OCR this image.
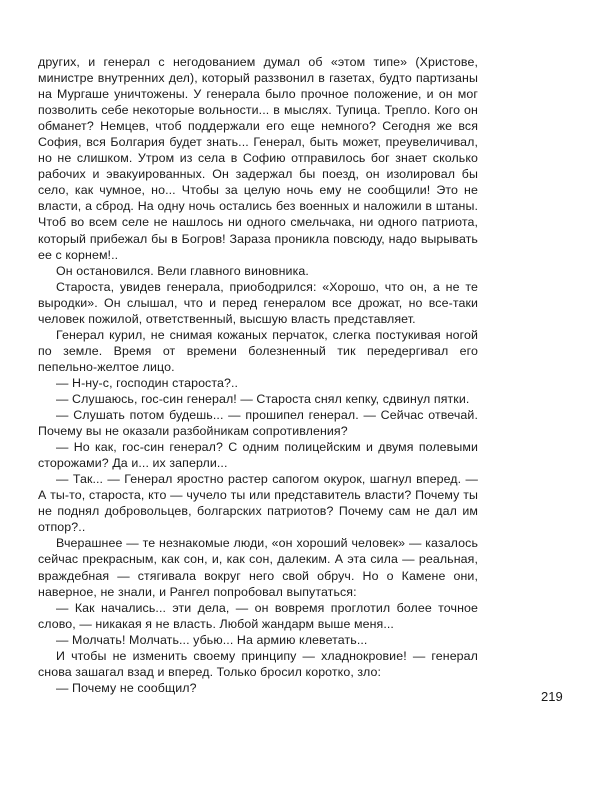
других, и генерал с негодованием думал об «этом типе» (Христове, министре внутренних дел), который раззвонил в газетах, будто партизаны на Мургаше уничтожены. У генерала было прочное положение, и он мог позволить себе некоторые вольности... в мыслях. Тупица. Трепло. Кого он обманет? Немцев, чтоб поддержали его еще немного? Сегодня же вся София, вся Болгария будет знать... Генерал, быть может, преувеличивал, но не слишком. Утром из села в Софию отправилось бог знает сколько рабочих и эвакуированных. Он задержал бы поезд, он изолировал бы село, как чумное, но... Чтобы за целую ночь ему не сообщили! Это не власти, а сброд. На одну ночь остались без военных и наложили в штаны. Чтоб во всем селе не нашлось ни одного смельчака, ни одного патриота, который прибежал бы в Богров! Зараза проникла повсюду, надо вырывать ее с корнем!..

Он остановился. Вели главного виновника.

Староста, увидев генерала, приободрился: «Хорошо, что он, а не те выродки». Он слышал, что и перед генералом все дрожат, но все-таки человек пожилой, ответственный, высшую власть представляет.

Генерал курил, не снимая кожаных перчаток, слегка постукивая ногой по земле. Время от времени болезненный тик передергивал его пепельно-желтое лицо.

— Н-ну-с, господин староста?..

— Слушаюсь, гос-син генерал! — Староста снял кепку, сдвинул пятки.

— Слушать потом будешь... — прошипел генерал. — Сейчас отвечай. Почему вы не оказали разбойникам сопротивления?

— Но как, гос-син генерал? С одним полицейским и двумя полевыми сторожами? Да и... их заперли...

— Так... — Генерал яростно растер сапогом окурок, шагнул вперед. — А ты-то, староста, кто — чучело ты или представитель власти? Почему ты не поднял добровольцев, болгарских патриотов? Почему сам не дал им отпор?..

Вчерашнее — те незнакомые люди, «он хороший человек» — казалось сейчас прекрасным, как сон, и, как сон, далеким. А эта сила — реальная, враждебная — стягивала вокруг него свой обруч. Но о Камене они, наверное, не знали, и Рангел попробовал выпутаться:

— Как начались... эти дела, — он вовремя проглотил более точное слово, — никакая я не власть. Любой жандарм выше меня...

— Молчать! Молчать... убью... На армию клеветать...

И чтобы не изменить своему принципу — хладнокровие! — генерал снова зашагал взад и вперед. Только бросил коротко, зло:

— Почему не сообщил?

219
